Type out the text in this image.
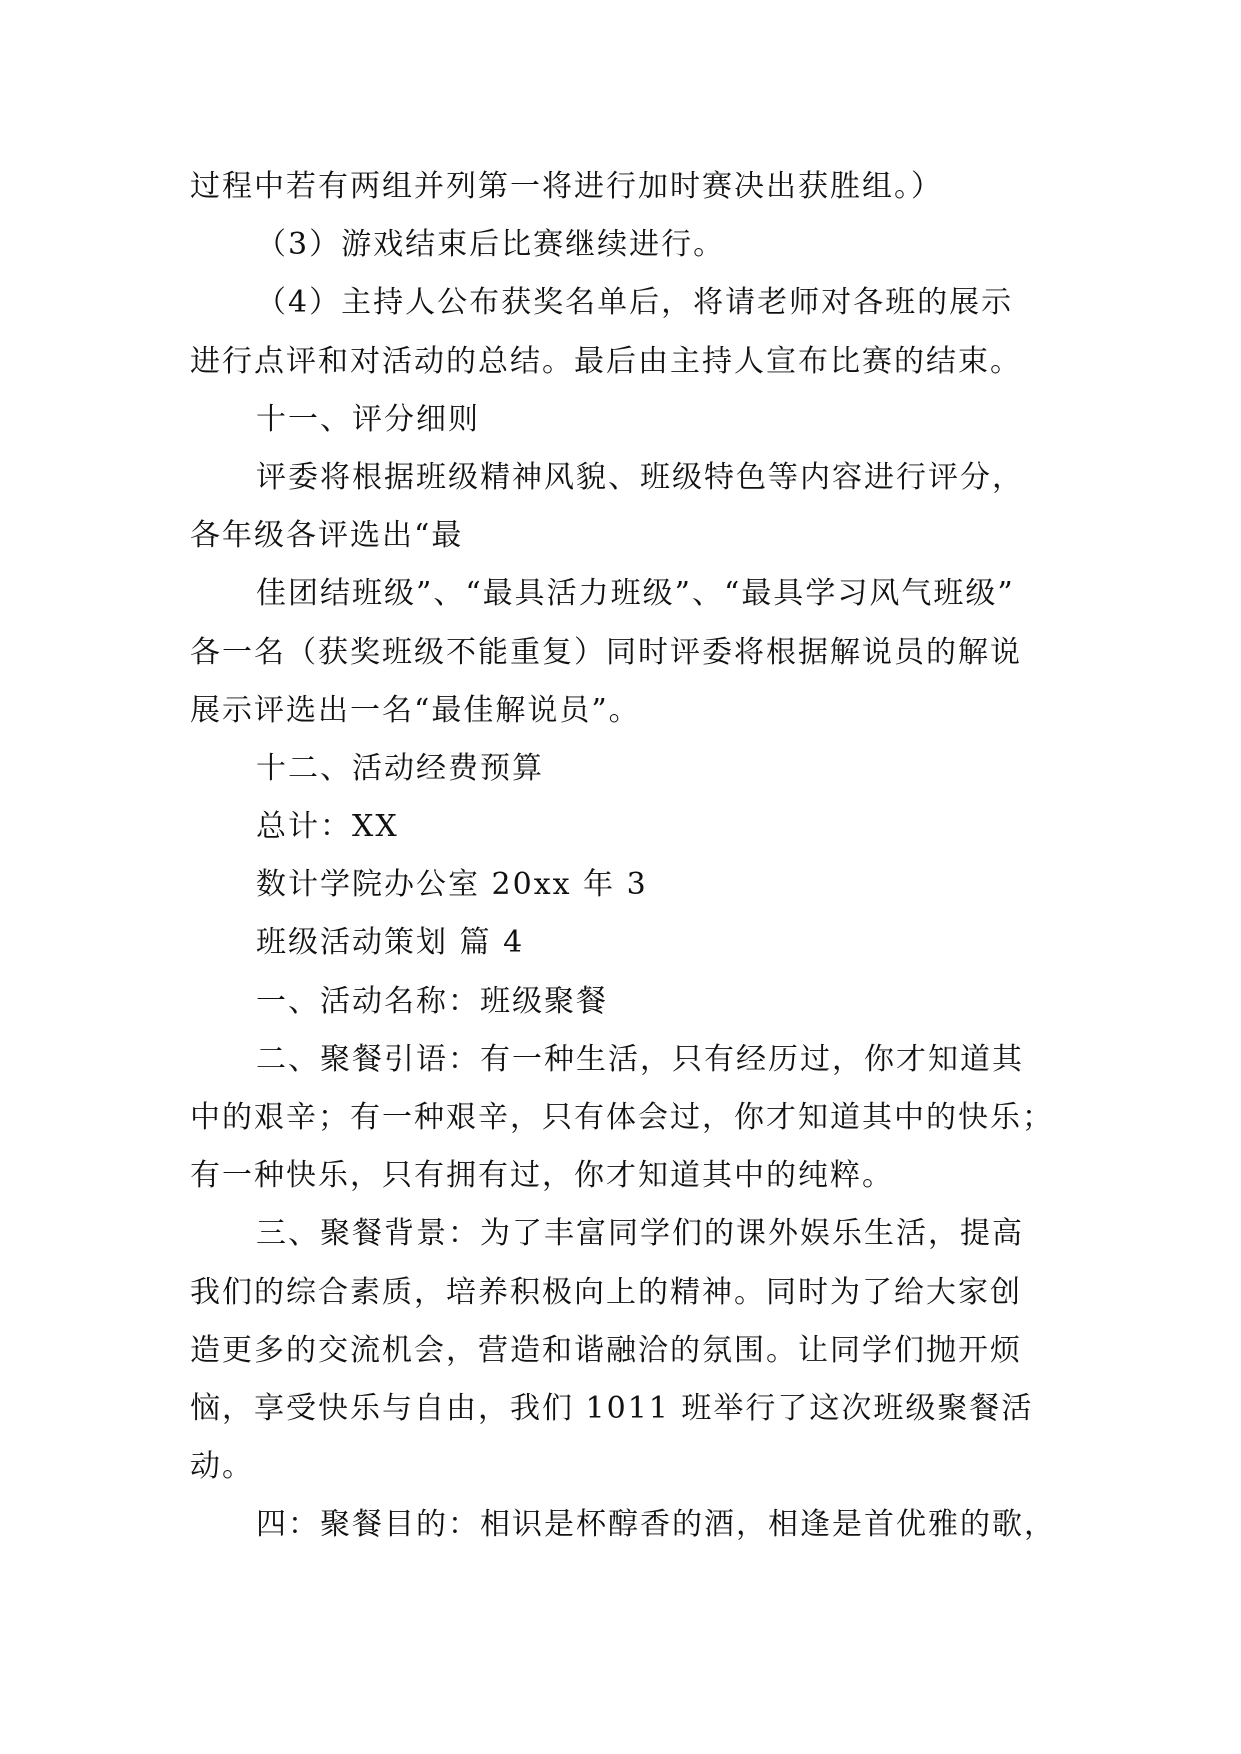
过程中若有两组并列第一将进行加时赛决出获胜组。）

（3）游戏结束后比赛继续进行。

（4）主持人公布获奖名单后，将请老师对各班的展示

进行点评和对活动的总结。最后由主持人宣布比赛的结束。

十一、评分细则

评委将根据班级精神风貌、班级特色等内容进行评分，

各年级各评选出“最

佳团结班级”、“最具活力班级”、“最具学习风气班级”

各一名（获奖班级不能重复）同时评委将根据解说员的解说

展示评选出一名“最佳解说员”。

十二、活动经费预算

总计：XX

数计学院办公室 20xx 年 3

班级活动策划 篇 4

一、活动名称：班级聚餐

二、聚餐引语：有一种生活，只有经历过，你才知道其

中的艰辛；有一种艰辛，只有体会过，你才知道其中的快乐；

有一种快乐，只有拥有过，你才知道其中的纯粹。

三、聚餐背景：为了丰富同学们的课外娱乐生活，提高

我们的综合素质，培养积极向上的精神。同时为了给大家创

造更多的交流机会，营造和谐融洽的氛围。让同学们抛开烦

恼，享受快乐与自由，我们 1011 班举行了这次班级聚餐活

动。

四：聚餐目的：相识是杯醇香的酒，相逢是首优雅的歌，
